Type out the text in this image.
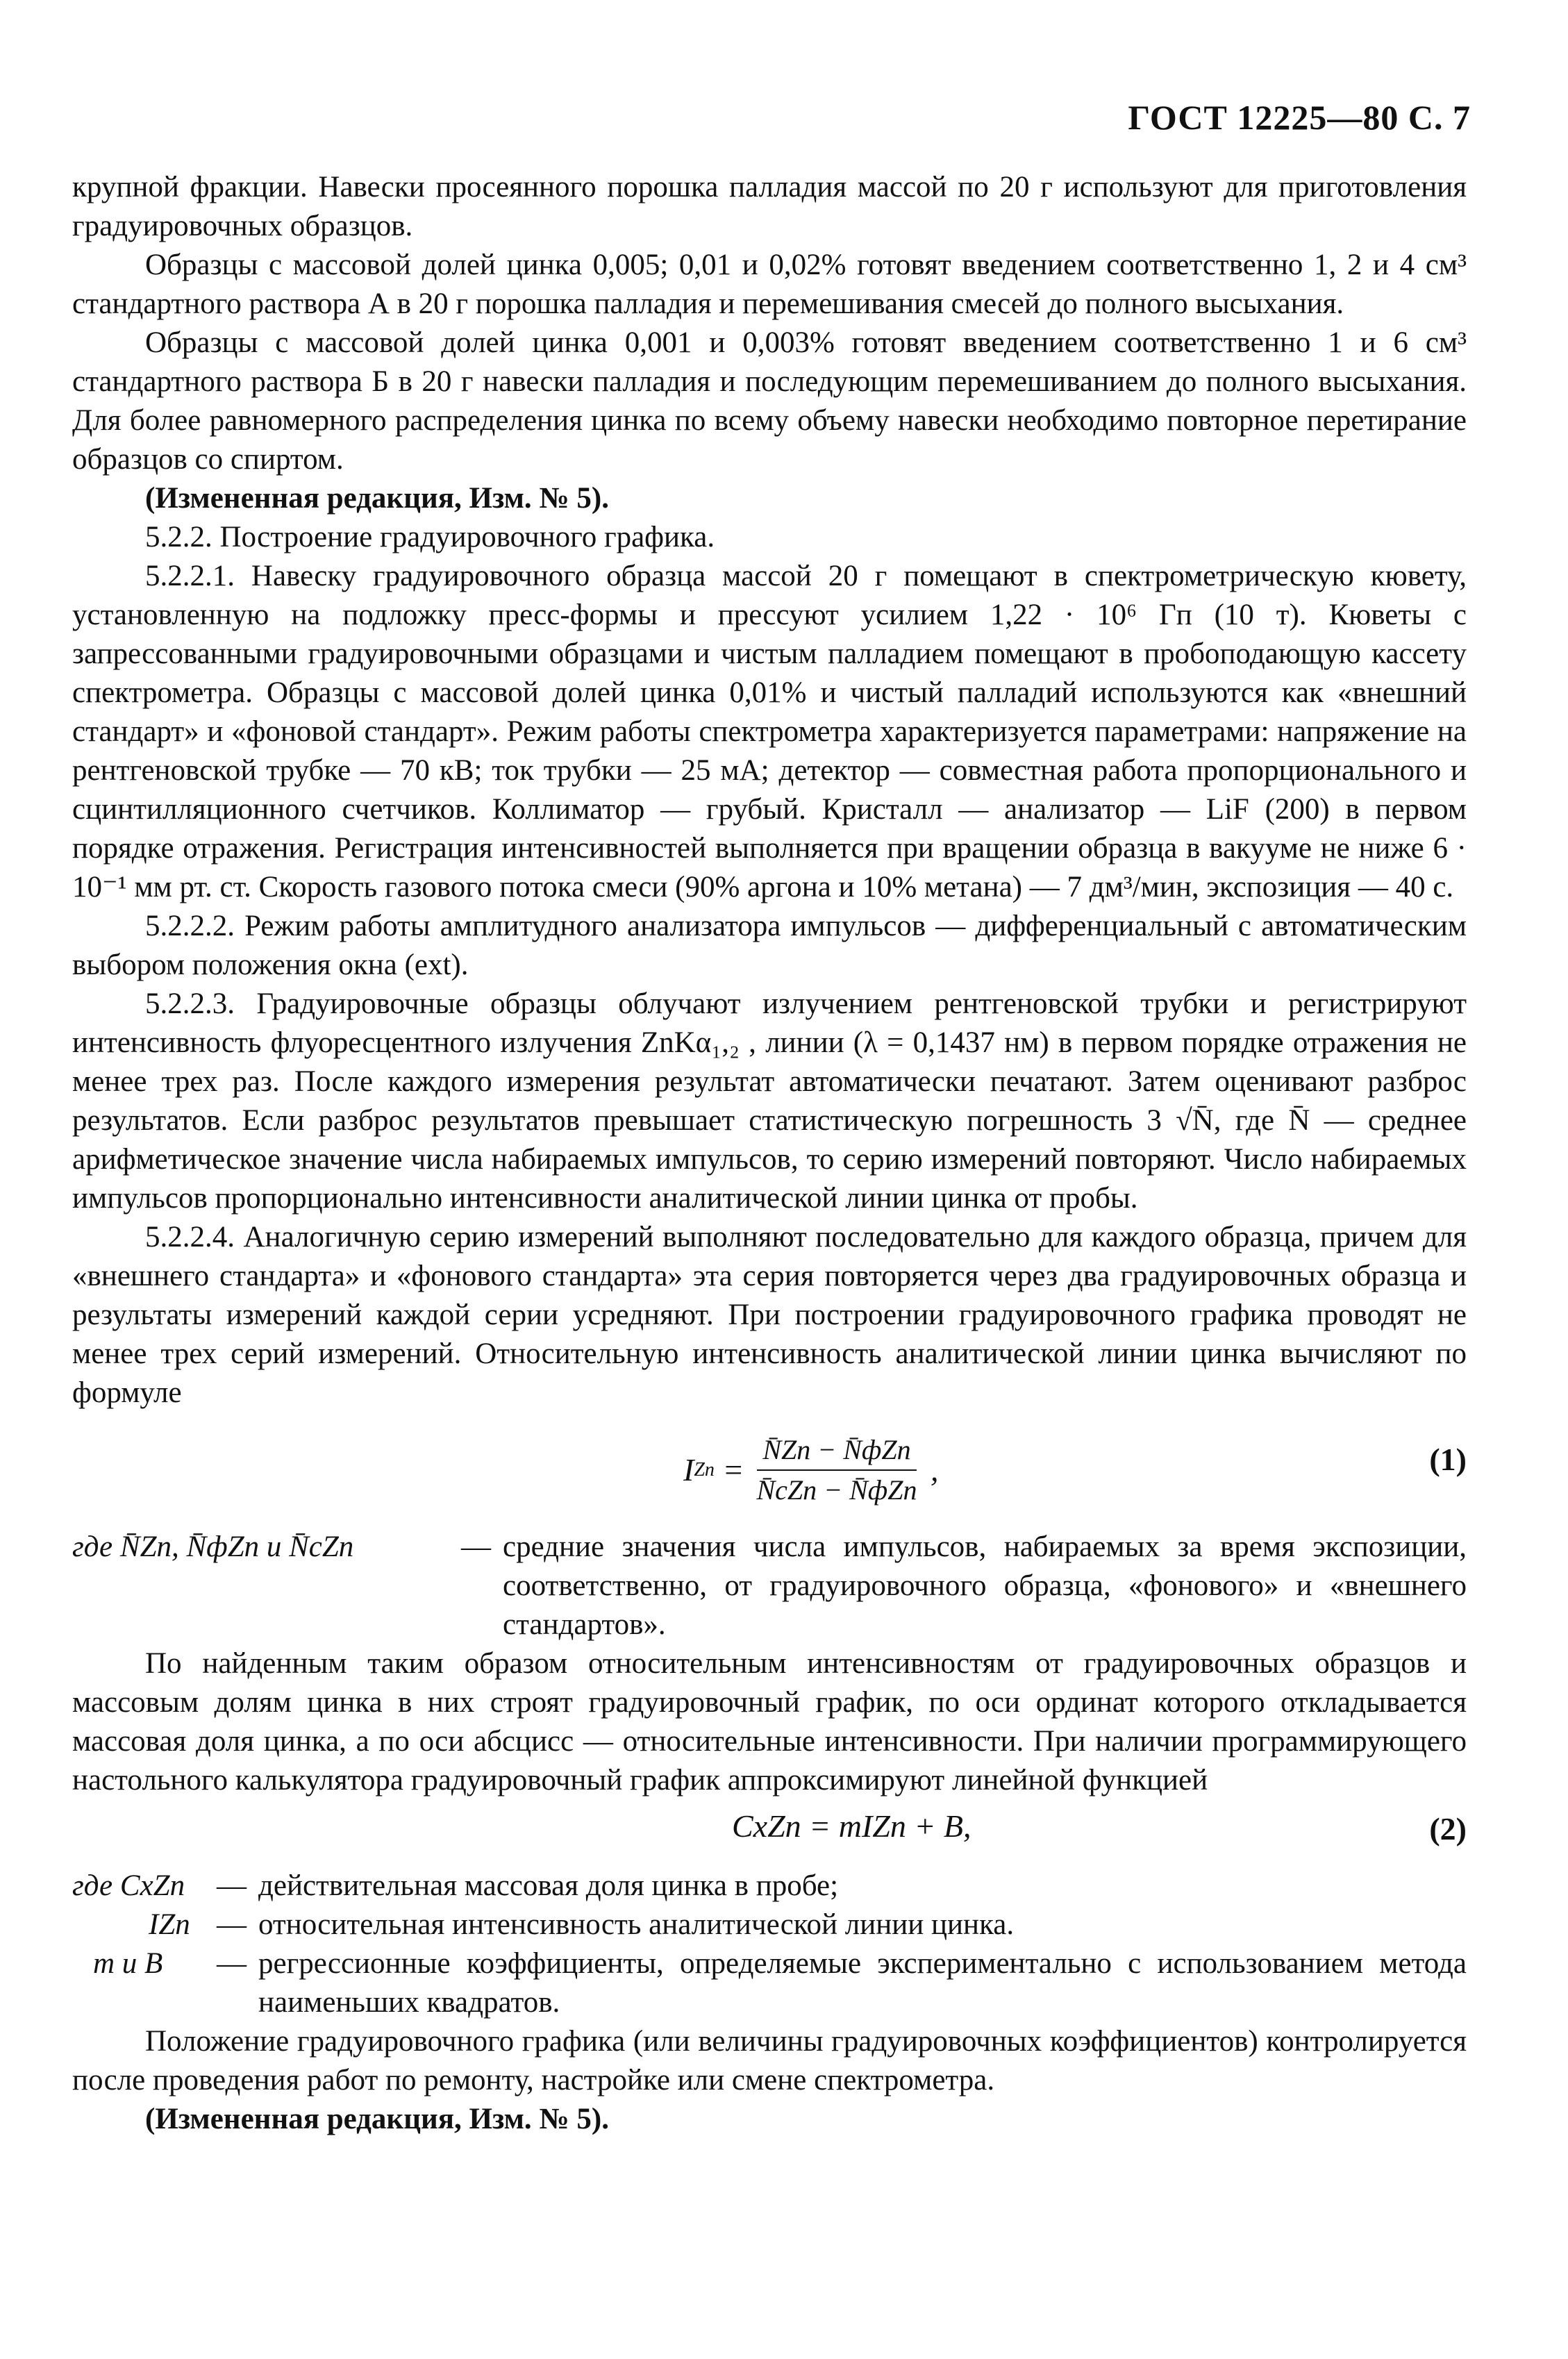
ГОСТ 12225—80 С. 7

крупной фракции. Навески просеянного порошка палладия массой по 20 г используют для приготовления градуировочных образцов.

Образцы с массовой долей цинка 0,005; 0,01 и 0,02% готовят введением соответственно 1, 2 и 4 см³ стандартного раствора А в 20 г порошка палладия и перемешивания смесей до полного высыхания.

Образцы с массовой долей цинка 0,001 и 0,003% готовят введением соответственно 1 и 6 см³ стандартного раствора Б в 20 г навески палладия и последующим перемешиванием до полного высыхания. Для более равномерного распределения цинка по всему объему навески необходимо повторное перетирание образцов со спиртом.

(Измененная редакция, Изм. № 5).

5.2.2. Построение градуировочного графика.

5.2.2.1. Навеску градуировочного образца массой 20 г помещают в спектрометрическую кювету, установленную на подложку пресс-формы и прессуют усилием 1,22 · 10⁶ Гп (10 т). Кюветы с запрессованными градуировочными образцами и чистым палладием помещают в пробоподающую кассету спектрометра. Образцы с массовой долей цинка 0,01% и чистый палладий используются как «внешний стандарт» и «фоновой стандарт». Режим работы спектрометра характеризуется параметрами: напряжение на рентгеновской трубке — 70 кВ; ток трубки — 25 мА; детектор — совместная работа пропорционального и сцинтилляционного счетчиков. Коллиматор — грубый. Кристалл — анализатор — LiF (200) в первом порядке отражения. Регистрация интенсивностей выполняется при вращении образца в вакууме не ниже 6 · 10⁻¹ мм рт. ст. Скорость газового потока смеси (90% аргона и 10% метана) — 7 дм³/мин, экспозиция — 40 с.

5.2.2.2. Режим работы амплитудного анализатора импульсов — дифференциальный с автоматическим выбором положения окна (ext).

5.2.2.3. Градуировочные образцы облучают излучением рентгеновской трубки и регистрируют интенсивность флуоресцентного излучения ZnKα₁,₂ , линии (λ = 0,1437 нм) в первом порядке отражения не менее трех раз. После каждого измерения результат автоматически печатают. Затем оценивают разброс результатов. Если разброс результатов превышает статистическую погрешность 3 √N̄, где N̄ — среднее арифметическое значение числа набираемых импульсов, то серию измерений повторяют. Число набираемых импульсов пропорционально интенсивности аналитической линии цинка от пробы.

5.2.2.4. Аналогичную серию измерений выполняют последовательно для каждого образца, причем для «внешнего стандарта» и «фонового стандарта» эта серия повторяется через два градуировочных образца и результаты измерений каждой серии усредняют. При построении градуировочного графика проводят не менее трех серий измерений. Относительную интенсивность аналитической линии цинка вычисляют по формуле

I $Zn = \frac{\text{N̄Zn − N̄фZn}}{\text{N̄cZn − N̄фZn}}$ ,	(1)
где N̄Zn, N̄фZn и N̄cZn	— средние значения числа импульсов, набираемых за время экспозиции, соответственно, от градуировочного образца, «фонового» и «внешнего стандартов».

По найденным таким образом относительным интенсивностям от градуировочных образцов и массовым долям цинка в них строят градуировочный график, по оси ординат которого откладывается массовая доля цинка, а по оси абсцисс — относительные интенсивности. При наличии программирующего настольного калькулятора градуировочный график аппроксимируют линейной функцией

CxZn = mIZn + B,	(2)
где CxZn	— действительная массовая доля цинка в пробе;
IZn — относительная интенсивность аналитической линии цинка.
m и B	— регрессионные коэффициенты, определяемые экспериментально с использованием метода наименьших квадратов.

Положение градуировочного графика (или величины градуировочных коэффициентов) контролируется после проведения работ по ремонту, настройке или смене спектрометра.

(Измененная редакция, Изм. № 5).
